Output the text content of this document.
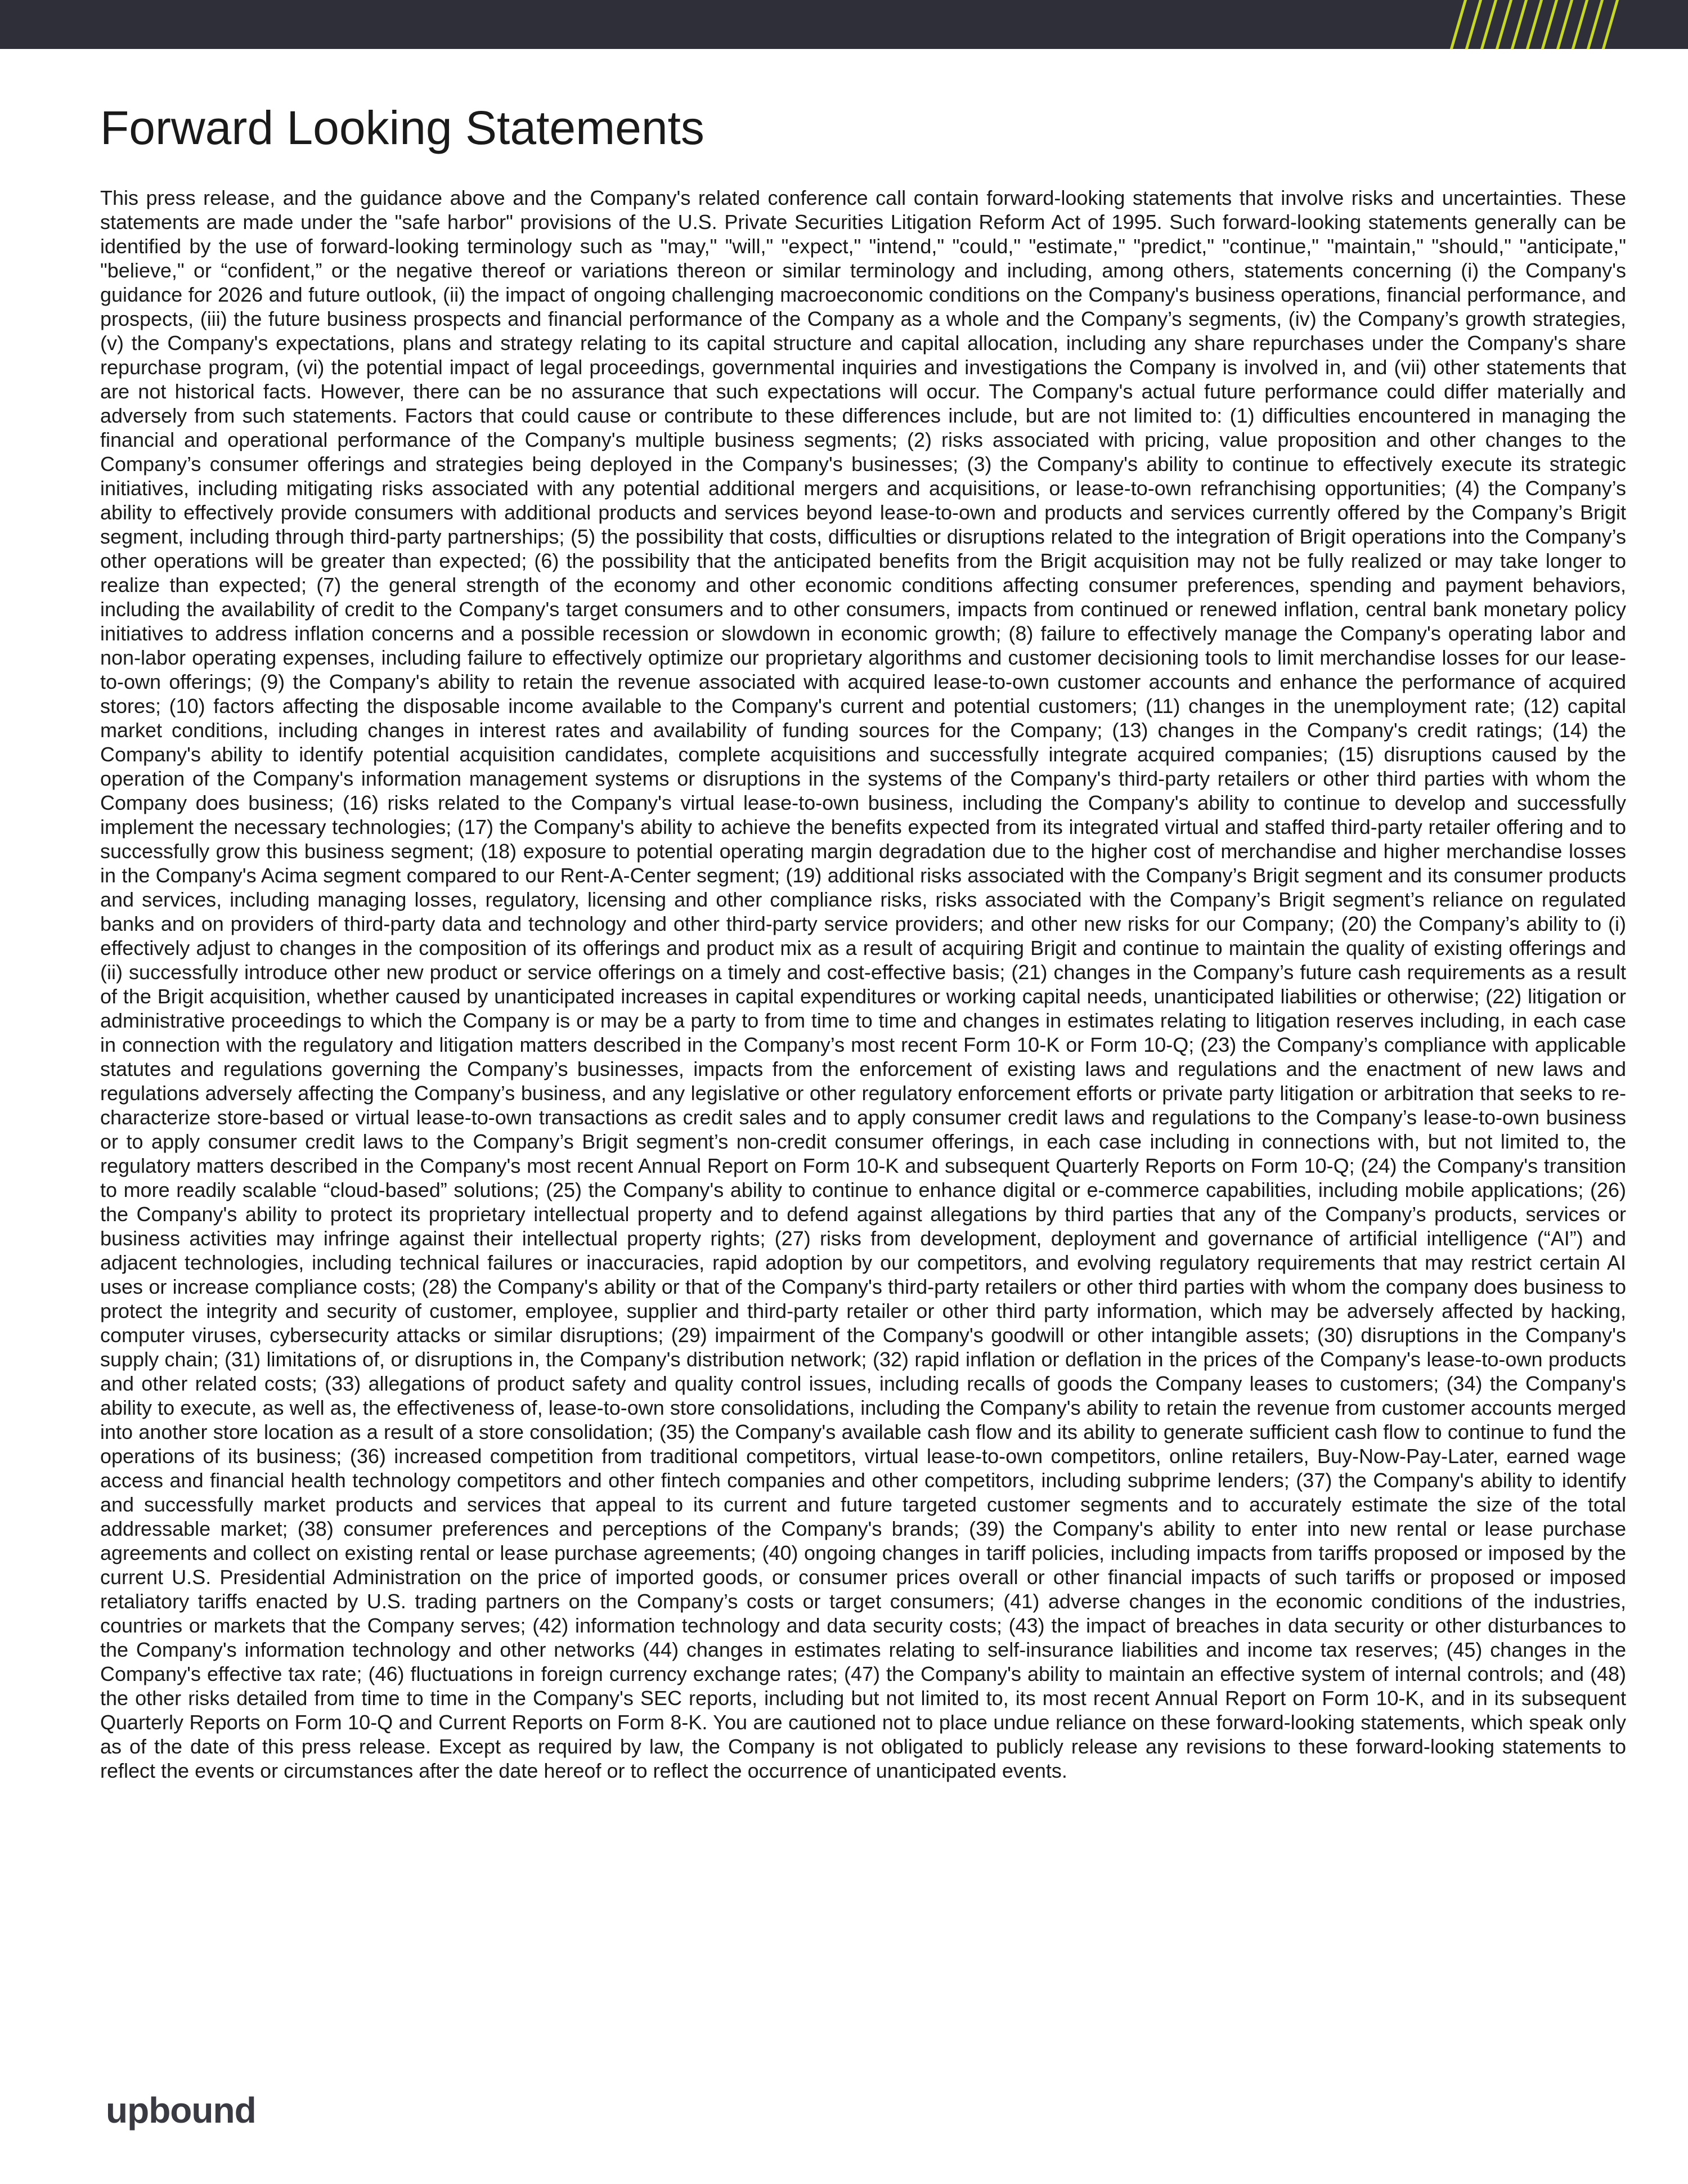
Forward Looking Statements

This press release, and the guidance above and the Company's related conference call contain forward-looking statements that involve risks and uncertainties. These statements are made under the "safe harbor" provisions of the U.S. Private Securities Litigation Reform Act of 1995. Such forward-looking statements generally can be identified by the use of forward-looking terminology such as "may," "will," "expect," "intend," "could," "estimate," "predict," "continue," "maintain," "should," "anticipate," "believe," or “confident,” or the negative thereof or variations thereon or similar terminology and including, among others, statements concerning (i) the Company's guidance for 2026 and future outlook, (ii) the impact of ongoing challenging macroeconomic conditions on the Company's business operations, financial performance, and prospects, (iii) the future business prospects and financial performance of the Company as a whole and the Company’s segments, (iv) the Company’s growth strategies, (v) the Company's expectations, plans and strategy relating to its capital structure and capital allocation, including any share repurchases under the Company's share repurchase program, (vi) the potential impact of legal proceedings, governmental inquiries and investigations the Company is involved in, and (vii) other statements that are not historical facts. However, there can be no assurance that such expectations will occur. The Company's actual future performance could differ materially and adversely from such statements. Factors that could cause or contribute to these differences include, but are not limited to: (1) difficulties encountered in managing the financial and operational performance of the Company's multiple business segments; (2) risks associated with pricing, value proposition and other changes to the Company’s consumer offerings and strategies being deployed in the Company's businesses; (3) the Company's ability to continue to effectively execute its strategic initiatives, including mitigating risks associated with any potential additional mergers and acquisitions, or lease-to-own refranchising opportunities; (4) the Company’s ability to effectively provide consumers with additional products and services beyond lease-to-own and products and services currently offered by the Company’s Brigit segment, including through third-party partnerships; (5) the possibility that costs, difficulties or disruptions related to the integration of Brigit operations into the Company’s other operations will be greater than expected; (6) the possibility that the anticipated benefits from the Brigit acquisition may not be fully realized or may take longer to realize than expected; (7) the general strength of the economy and other economic conditions affecting consumer preferences, spending and payment behaviors, including the availability of credit to the Company's target consumers and to other consumers, impacts from continued or renewed inflation, central bank monetary policy initiatives to address inflation concerns and a possible recession or slowdown in economic growth; (8) failure to effectively manage the Company's operating labor and non-labor operating expenses, including failure to effectively optimize our proprietary algorithms and customer decisioning tools to limit merchandise losses for our lease-to-own offerings; (9) the Company's ability to retain the revenue associated with acquired lease-to-own customer accounts and enhance the performance of acquired stores; (10) factors affecting the disposable income available to the Company's current and potential customers; (11) changes in the unemployment rate; (12) capital market conditions, including changes in interest rates and availability of funding sources for the Company; (13) changes in the Company's credit ratings; (14) the Company's ability to identify potential acquisition candidates, complete acquisitions and successfully integrate acquired companies; (15) disruptions caused by the operation of the Company's information management systems or disruptions in the systems of the Company's third-party retailers or other third parties with whom the Company does business; (16) risks related to the Company's virtual lease-to-own business, including the Company's ability to continue to develop and successfully implement the necessary technologies; (17) the Company's ability to achieve the benefits expected from its integrated virtual and staffed third-party retailer offering and to successfully grow this business segment; (18) exposure to potential operating margin degradation due to the higher cost of merchandise and higher merchandise losses in the Company's Acima segment compared to our Rent-A-Center segment; (19) additional risks associated with the Company’s Brigit segment and its consumer products and services, including managing losses, regulatory, licensing and other compliance risks, risks associated with the Company’s Brigit segment’s reliance on regulated banks and on providers of third-party data and technology and other third-party service providers; and other new risks for our Company; (20) the Company’s ability to (i) effectively adjust to changes in the composition of its offerings and product mix as a result of acquiring Brigit and continue to maintain the quality of existing offerings and (ii) successfully introduce other new product or service offerings on a timely and cost-effective basis; (21) changes in the Company’s future cash requirements as a result of the Brigit acquisition, whether caused by unanticipated increases in capital expenditures or working capital needs, unanticipated liabilities or otherwise; (22) litigation or administrative proceedings to which the Company is or may be a party to from time to time and changes in estimates relating to litigation reserves including, in each case in connection with the regulatory and litigation matters described in the Company’s most recent Form 10-K or Form 10-Q; (23) the Company’s compliance with applicable statutes and regulations governing the Company’s businesses, impacts from the enforcement of existing laws and regulations and the enactment of new laws and regulations adversely affecting the Company’s business, and any legislative or other regulatory enforcement efforts or private party litigation or arbitration that seeks to re-characterize store-based or virtual lease-to-own transactions as credit sales and to apply consumer credit laws and regulations to the Company’s lease-to-own business or to apply consumer credit laws to the Company’s Brigit segment’s non-credit consumer offerings, in each case including in connections with, but not limited to, the regulatory matters described in the Company's most recent Annual Report on Form 10-K and subsequent Quarterly Reports on Form 10-Q; (24) the Company's transition to more readily scalable “cloud-based” solutions; (25) the Company's ability to continue to enhance digital or e-commerce capabilities, including mobile applications; (26) the Company's ability to protect its proprietary intellectual property and to defend against allegations by third parties that any of the Company’s products, services or business activities may infringe against their intellectual property rights; (27) risks from development, deployment and governance of artificial intelligence (“AI”) and adjacent technologies, including technical failures or inaccuracies, rapid adoption by our competitors, and evolving regulatory requirements that may restrict certain AI uses or increase compliance costs; (28) the Company's ability or that of the Company's third-party retailers or other third parties with whom the company does business to protect the integrity and security of customer, employee, supplier and third-party retailer or other third party information, which may be adversely affected by hacking, computer viruses, cybersecurity attacks or similar disruptions; (29) impairment of the Company's goodwill or other intangible assets; (30) disruptions in the Company's supply chain; (31) limitations of, or disruptions in, the Company's distribution network; (32) rapid inflation or deflation in the prices of the Company's lease-to-own products and other related costs; (33) allegations of product safety and quality control issues, including recalls of goods the Company leases to customers; (34) the Company's ability to execute, as well as, the effectiveness of, lease-to-own store consolidations, including the Company's ability to retain the revenue from customer accounts merged into another store location as a result of a store consolidation; (35) the Company's available cash flow and its ability to generate sufficient cash flow to continue to fund the operations of its business; (36) increased competition from traditional competitors, virtual lease-to-own competitors, online retailers, Buy-Now-Pay-Later, earned wage access and financial health technology competitors and other fintech companies and other competitors, including subprime lenders; (37) the Company's ability to identify and successfully market products and services that appeal to its current and future targeted customer segments and to accurately estimate the size of the total addressable market; (38) consumer preferences and perceptions of the Company's brands; (39) the Company's ability to enter into new rental or lease purchase agreements and collect on existing rental or lease purchase agreements; (40) ongoing changes in tariff policies, including impacts from tariffs proposed or imposed by the current U.S. Presidential Administration on the price of imported goods, or consumer prices overall or other financial impacts of such tariffs or proposed or imposed retaliatory tariffs enacted by U.S. trading partners on the Company’s costs or target consumers; (41) adverse changes in the economic conditions of the industries, countries or markets that the Company serves; (42) information technology and data security costs; (43) the impact of breaches in data security or other disturbances to the Company's information technology and other networks (44) changes in estimates relating to self-insurance liabilities and income tax reserves; (45) changes in the Company's effective tax rate; (46) fluctuations in foreign currency exchange rates; (47) the Company's ability to maintain an effective system of internal controls; and (48) the other risks detailed from time to time in the Company's SEC reports, including but not limited to, its most recent Annual Report on Form 10-K, and in its subsequent Quarterly Reports on Form 10-Q and Current Reports on Form 8-K. You are cautioned not to place undue reliance on these forward-looking statements, which speak only as of the date of this press release. Except as required by law, the Company is not obligated to publicly release any revisions to these forward-looking statements to reflect the events or circumstances after the date hereof or to reflect the occurrence of unanticipated events.

upbound
